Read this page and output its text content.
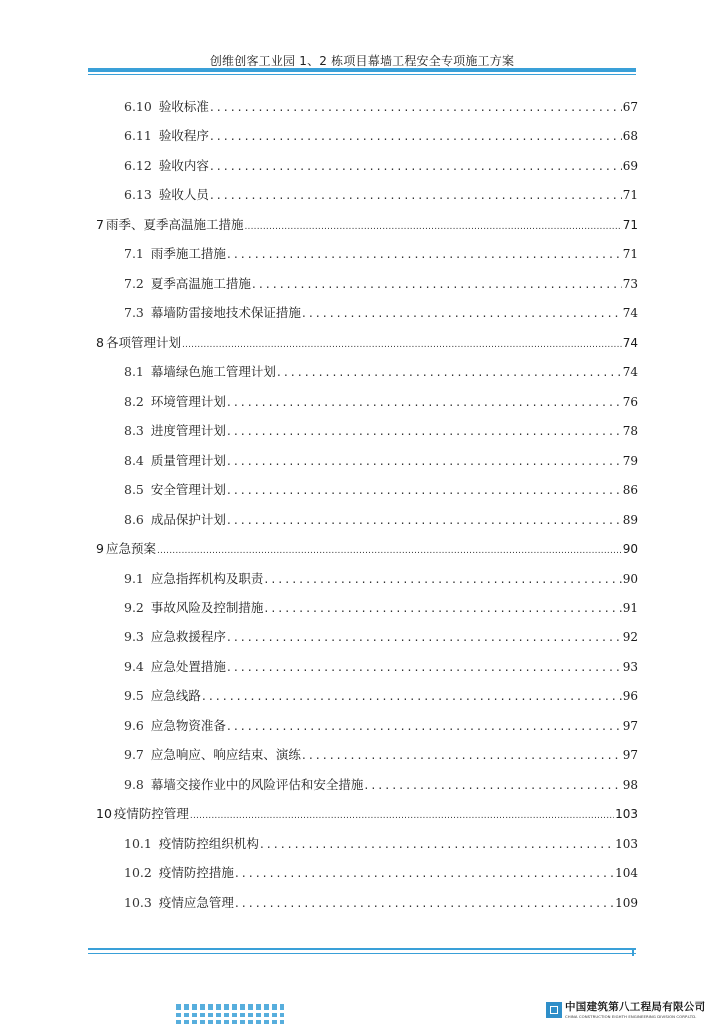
创维创客工业园 1、2 栋项目幕墙工程安全专项施工方案
6.10 验收标准 . . .	67
6.11 验收程序 . . .	68
6.12 验收内容 . . .	69
6.13 验收人员 . . .	71
7 雨季、夏季高温施工措施 .....	71
7.1 雨季施工措施 . . .	71
7.2 夏季高温施工措施 . . .	73
7.3 幕墙防雷接地技术保证措施 . . .	74
8 各项管理计划 .....	74
8.1 幕墙绿色施工管理计划 . . .	74
8.2 环境管理计划 . . .	76
8.3 进度管理计划 . . .	78
8.4 质量管理计划 . . .	79
8.5 安全管理计划 . . .	86
8.6 成品保护计划 . . .	89
9 应急预案 .....	90
9.1 应急指挥机构及职责 . . .	90
9.2 事故风险及控制措施 . . .	91
9.3 应急救援程序 . . .	92
9.4 应急处置措施 . . .	93
9.5 应急线路 . . .	96
9.6 应急物资准备 . . .	97
9.7 应急响应、响应结束、演练 . . .	97
9.8 幕墙交接作业中的风险评估和安全措施 . . .	98
10 疫情防控管理 .....	103
10.1 疫情防控组织机构 . . .	103
10.2 疫情防控措施 . . .	104
10.3 疫情应急管理 . . .	109
中国建筑第八工程局有限公司
CHINA CONSTRUCTION EIGHTH ENGINEERING DIVISION CORP.LTD.
